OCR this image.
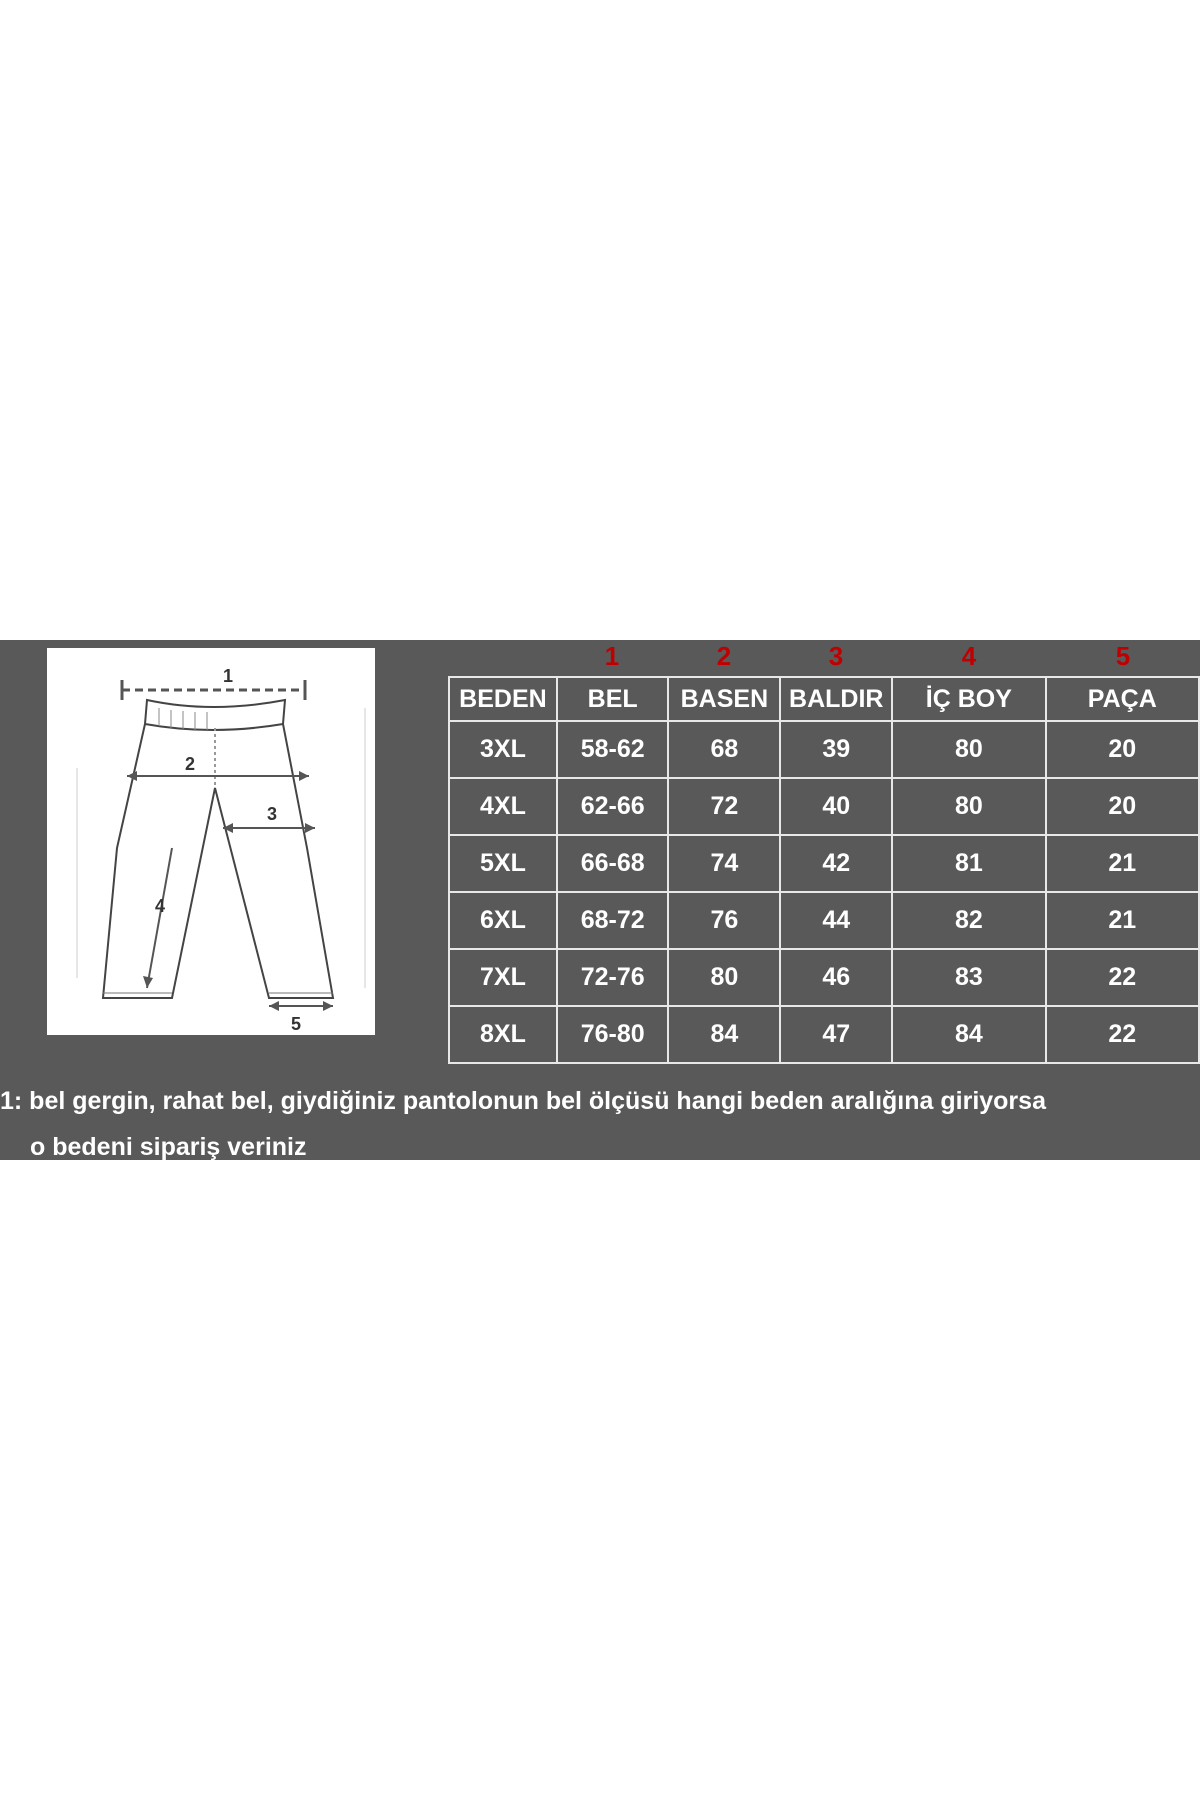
1
2
3
4
5
1	2	3	4	5
BEDEN	BEL	BASEN	BALDIR	İÇ BOY	PAÇA
3XL	58-62	68	39	80	20
4XL	62-66	72	40	80	20
5XL	66-68	74	42	81	21
6XL	68-72	76	44	82	21
7XL	72-76	80	46	83	22
8XL	76-80	84	47	84	22
1: bel gergin, rahat bel, giydiğiniz pantolonun bel ölçüsü hangi beden aralığına giriyorsa
o bedeni sipariş veriniz
